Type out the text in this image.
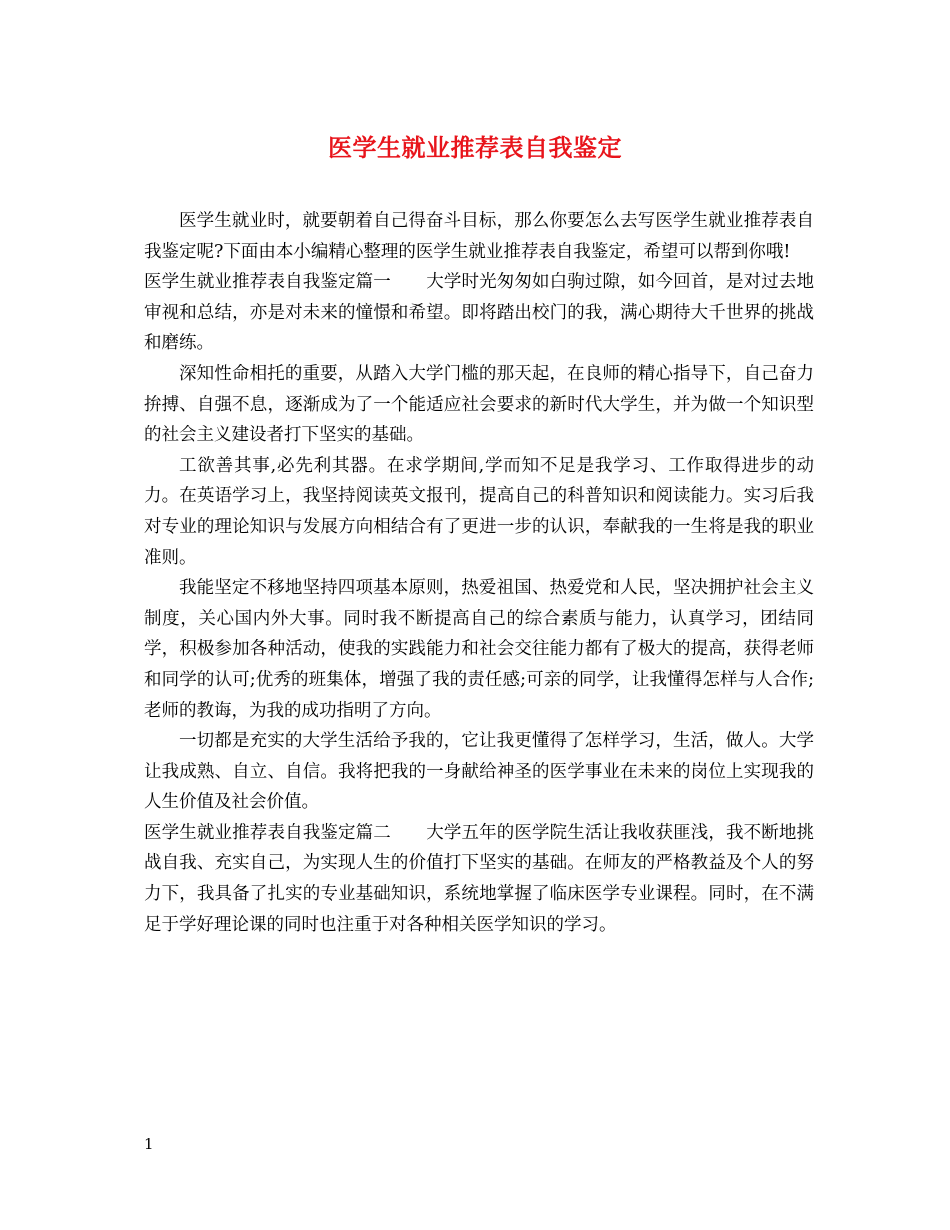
医学生就业推荐表自我鉴定

医学生就业时，就要朝着自己得奋斗目标，那么你要怎么去写医学生就业推荐表自我鉴定呢?下面由本小编精心整理的医学生就业推荐表自我鉴定，希望可以帮到你哦!

医学生就业推荐表自我鉴定篇一　　 大学时光匆匆如白驹过隙，如今回首，是对过去地审视和总结，亦是对未来的憧憬和希望。即将踏出校门的我，满心期待大千世界的挑战和磨练。

深知性命相托的重要，从踏入大学门槛的那天起，在良师的精心指导下，自己奋力拚搏、自强不息，逐渐成为了一个能适应社会要求的新时代大学生，并为做一个知识型的社会主义建设者打下坚实的基础。

工欲善其事,必先利其器。在求学期间,学而知不足是我学习、工作取得进步的动力。在英语学习上，我坚持阅读英文报刊，提高自己的科普知识和阅读能力。实习后我对专业的理论知识与发展方向相结合有了更进一步的认识，奉献我的一生将是我的职业准则。

我能坚定不移地坚持四项基本原则，热爱祖国、热爱党和人民，坚决拥护社会主义制度，关心国内外大事。同时我不断提高自己的综合素质与能力，认真学习，团结同学，积极参加各种活动，使我的实践能力和社会交往能力都有了极大的提高，获得老师和同学的认可;优秀的班集体，增强了我的责任感;可亲的同学，让我懂得怎样与人合作;老师的教诲，为我的成功指明了方向。

一切都是充实的大学生活给予我的，它让我更懂得了怎样学习，生活，做人。大学让我成熟、自立、自信。我将把我的一身献给神圣的医学事业在未来的岗位上实现我的人生价值及社会价值。

医学生就业推荐表自我鉴定篇二　　 大学五年的医学院生活让我收获匪浅，我不断地挑战自我、充实自己，为实现人生的价值打下坚实的基础。在师友的严格教益及个人的努力下，我具备了扎实的专业基础知识，系统地掌握了临床医学专业课程。同时，在不满足于学好理论课的同时也注重于对各种相关医学知识的学习。

1
